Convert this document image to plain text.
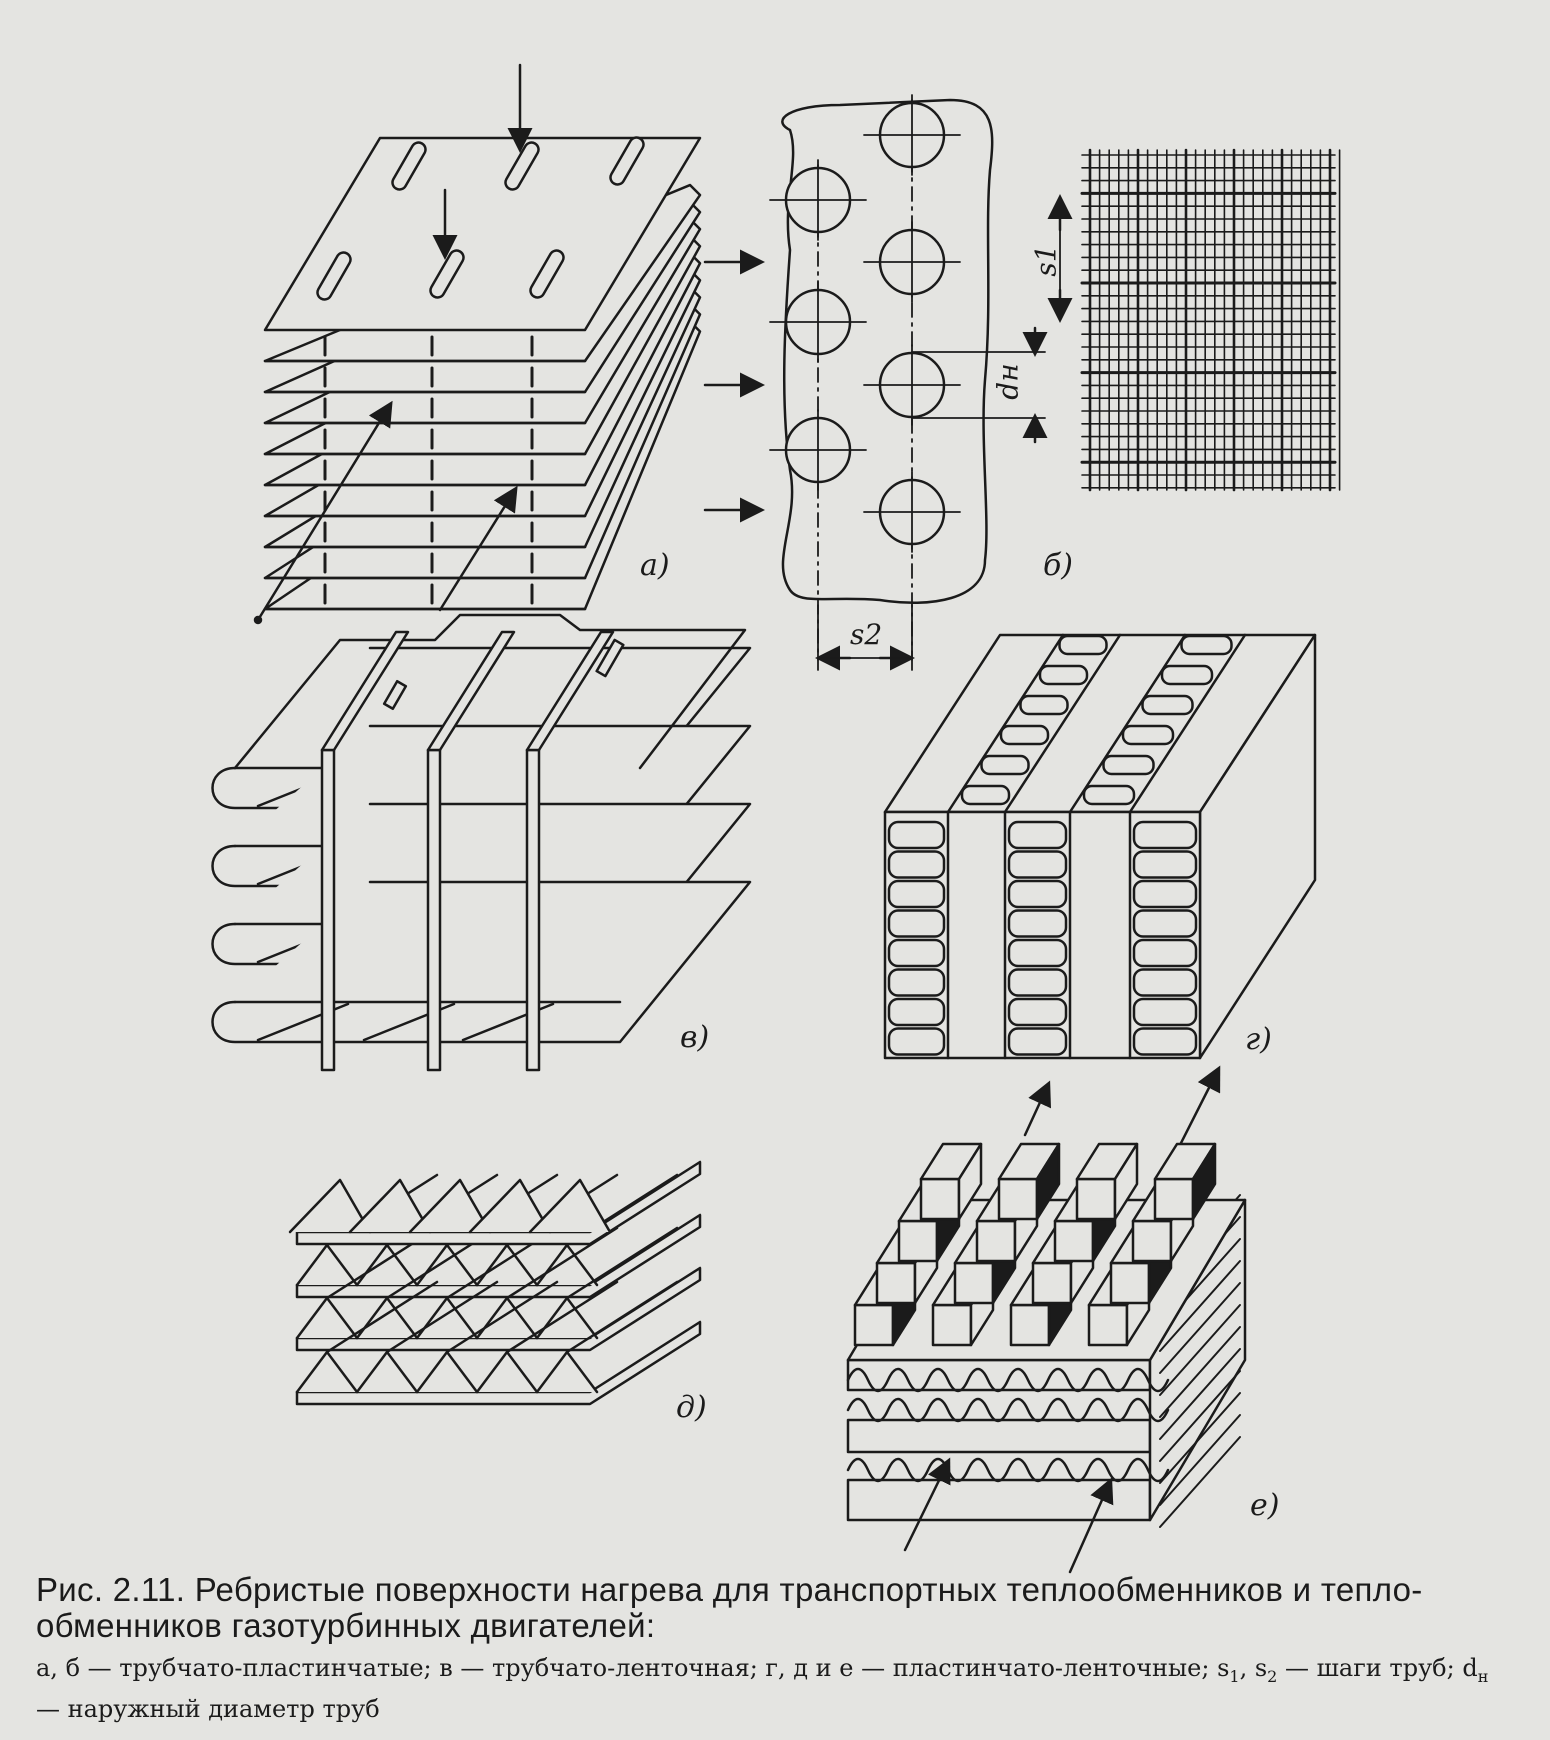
а)	б)
в)	г)
д)
е)
s1
dн
s2
Рис. 2.11. Ребристые поверхности нагрева для транспортных теплообменников и тепло-обменников газотурбинных двигателей:
а, б — трубчато-пластинчатые; в — трубчато-ленточная; г, д и е — пластинчато-ленточные; $s_1$, $s_2$ — шаги труб; $d_н$ — наружный диаметр труб
